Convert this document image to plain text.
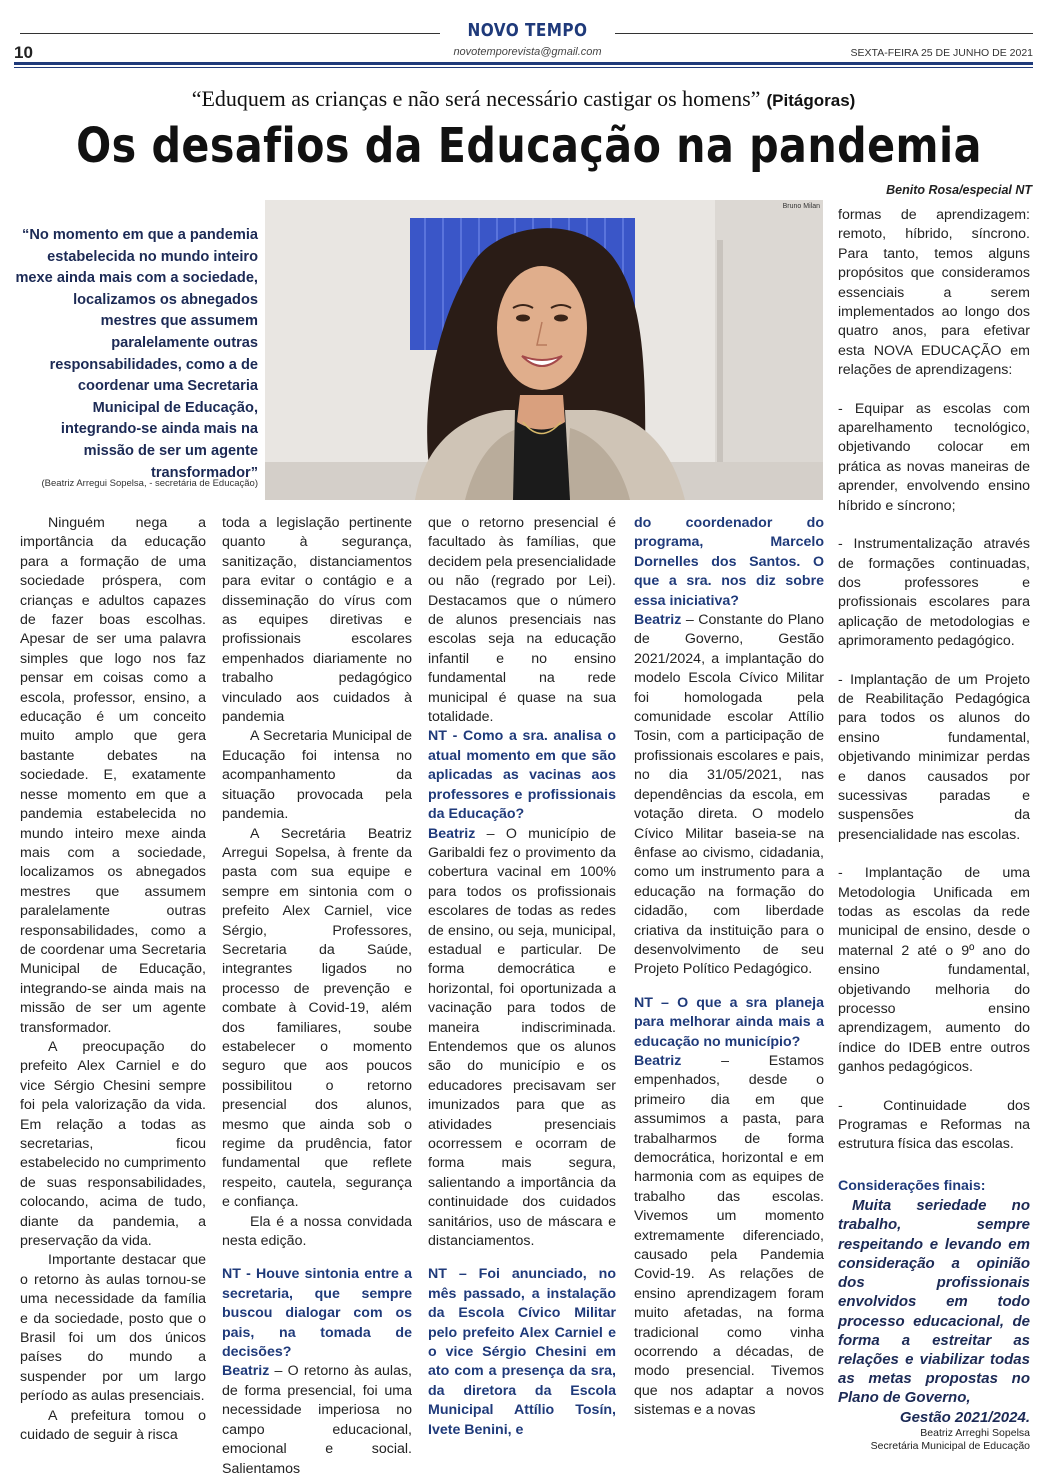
NOVO TEMPO
novotemporevista@gmail.com
10	SEXTA-FEIRA 25 DE JUNHO DE 2021
“Eduquem as crianças e não será necessário castigar os homens” (Pitágoras)
Os desafios da Educação na pandemia
Benito Rosa/especial NT
“No momento em que a pandemia estabelecida no mundo inteiro mexe ainda mais com a sociedade, localizamos os abnegados mestres que assumem paralelamente outras responsabilidades, como a de coordenar uma Secretaria Municipal de Educação, integrando-se ainda mais na missão de ser um agente transformador”
(Beatriz Arregui Sopelsa, - secretária de Educação)
Bruno Milan

Ninguém nega a importância da educação para a formação de uma sociedade próspera, com crianças e adultos capazes de fazer boas escolhas. Apesar de ser uma palavra simples que logo nos faz pensar em coisas como a escola, professor, ensino, a educação é um conceito muito amplo que gera bastante debates na sociedade. E, exatamente nesse momento em que a pandemia estabelecida no mundo inteiro mexe ainda mais com a sociedade, localizamos os abnegados mestres que assumem paralelamente outras responsabilidades, como a de coordenar uma Secretaria Municipal de Educação, integrando-se ainda mais na missão de ser um agente transformador.

A preocupação do prefeito Alex Carniel e do vice Sérgio Chesini sempre foi pela valorização da vida. Em relação a todas as secretarias, ficou estabelecido no cumprimento de suas responsabilidades, colocando, acima de tudo, diante da pandemia, a preservação da vida.

Importante destacar que o retorno às aulas tornou-se uma necessidade da família e da sociedade, posto que o Brasil foi um dos únicos países do mundo a suspender por um largo período as aulas presenciais.

A prefeitura tomou o cuidado de seguir à risca

toda a legislação pertinente quanto à segurança, sanitização, distanciamentos para evitar o contágio e a disseminação do vírus com as equipes diretivas e profissionais escolares empenhados diariamente no trabalho pedagógico vinculado aos cuidados à pandemia

A Secretaria Municipal de Educação foi intensa no acompanhamento da situação provocada pela pandemia.

A Secretária Beatriz Arregui Sopelsa, à frente da pasta com sua equipe e sempre em sintonia com o prefeito Alex Carniel, vice Sérgio, Professores, Secretaria da Saúde, integrantes ligados no processo de prevenção e combate à Covid-19, além dos familiares, soube estabelecer o momento seguro que aos poucos possibilitou o retorno presencial dos alunos, mesmo que ainda sob o regime da prudência, fator fundamental que reflete respeito, cautela, segurança e confiança.

Ela é a nossa convidada nesta edição.

NT - Houve sintonia entre a secretaria, que sempre buscou dialogar com os pais, na tomada de decisões?

Beatriz – O retorno às aulas, de forma presencial, foi uma necessidade imperiosa no campo educacional, emocional e social. Salientamos

que o retorno presencial é facultado às famílias, que decidem pela presencialidade ou não (regrado por Lei). Destacamos que o número de alunos presenciais nas escolas seja na educação infantil e no ensino fundamental na rede municipal é quase na sua totalidade.

NT - Como a sra. analisa o atual momento em que são aplicadas as vacinas aos professores e profissionais da Educação?

Beatriz – O município de Garibaldi fez o provimento da cobertura vacinal em 100% para todos os profissionais escolares de todas as redes de ensino, ou seja, municipal, estadual e particular. De forma democrática e horizontal, foi oportunizada a vacinação para todos de maneira indiscriminada. Entendemos que os alunos são do município e os educadores precisavam ser imunizados para que as atividades presenciais ocorressem e ocorram de forma mais segura, salientando a importância da continuidade dos cuidados sanitários, uso de máscara e distanciamentos.

NT – Foi anunciado, no mês passado, a instalação da Escola Cívico Militar pelo prefeito Alex Carniel e o vice Sérgio Chesini em ato com a presença da sra, da diretora da Escola Municipal Attílio Tosín, Ivete Benini, e

do coordenador do programa, Marcelo Dornelles dos Santos. O que a sra. nos diz sobre essa iniciativa?

Beatriz – Constante do Plano de Governo, Gestão 2021/2024, a implantação do modelo Escola Cívico Militar foi homologada pela comunidade escolar Attílio Tosin, com a participação de profissionais escolares e pais, no dia 31/05/2021, nas dependências da escola, em votação direta. O modelo Cívico Militar baseia-se na ênfase ao civismo, cidadania, como um instrumento para a educação na formação do cidadão, com liberdade criativa da instituição para o desenvolvimento de seu Projeto Político Pedagógico.

NT – O que a sra planeja para melhorar ainda mais a educação no município?

Beatriz – Estamos empenhados, desde o primeiro dia em que assumimos a pasta, para trabalharmos de forma democrática, horizontal e em harmonia com as equipes de trabalho das escolas. Vivemos um momento extremamente diferenciado, causado pela Pandemia Covid-19. As relações de ensino aprendizagem foram muito afetadas, na forma tradicional como vinha ocorrendo a décadas, de modo presencial. Tivemos que nos adaptar a novos sistemas e a novas

formas de aprendizagem: remoto, híbrido, síncrono. Para tanto, temos alguns propósitos que consideramos essenciais a serem implementados ao longo dos quatro anos, para efetivar esta NOVA EDUCAÇÃO em relações de aprendizagens:

- Equipar as escolas com aparelhamento tecnológico, objetivando colocar em prática as novas maneiras de aprender, envolvendo ensino híbrido e síncrono;

- Instrumentalização através de formações continuadas, dos professores e profissionais escolares para aplicação de metodologias e aprimoramento pedagógico.

- Implantação de um Projeto de Reabilitação Pedagógica para todos os alunos do ensino fundamental, objetivando minimizar perdas e danos causados por sucessivas paradas e suspensões da presencialidade nas escolas.

- Implantação de uma Metodologia Unificada em todas as escolas da rede municipal de ensino, desde o maternal 2 até o 9º ano do ensino fundamental, objetivando melhoria do processo ensino aprendizagem, aumento do índice do IDEB entre outros ganhos pedagógicos.

- Continuidade dos Programas e Reformas na estrutura física das escolas.

Considerações finais:

Muita seriedade no trabalho, sempre respeitando e levando em consideração a opinião dos profissionais envolvidos em todo processo educacional, de forma a estreitar as relações e viabilizar todas as metas propostas no Plano de Governo,

Gestão 2021/2024.

Beatriz Arreghi Sopelsa

Secretária Municipal de Educação
